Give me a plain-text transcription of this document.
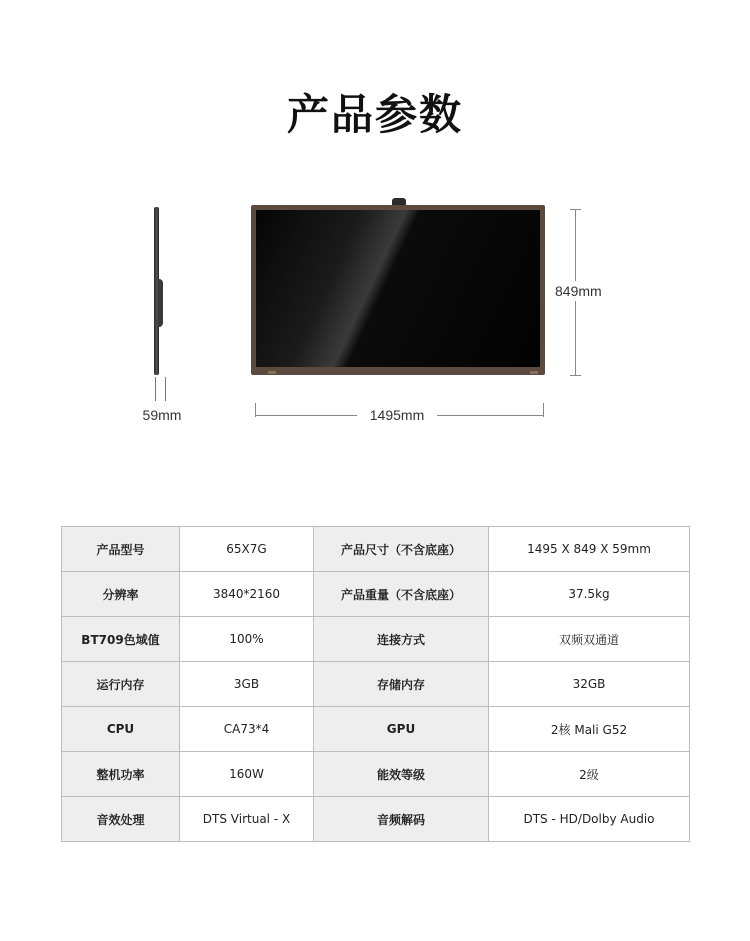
产品参数
59mm
849mm
1495mm
产品型号	65X7G	产品尺寸（不含底座）	1495 X 849 X 59mm
分辨率	3840*2160	产品重量（不含底座）	37.5kg
BT709色域值	100%	连接方式	双频双通道
运行内存	3GB	存储内存	32GB
CPU	CA73*4	GPU	2核 Mali G52
整机功率	160W	能效等级	2级
音效处理	DTS Virtual - X	音频解码	DTS - HD/Dolby Audio
